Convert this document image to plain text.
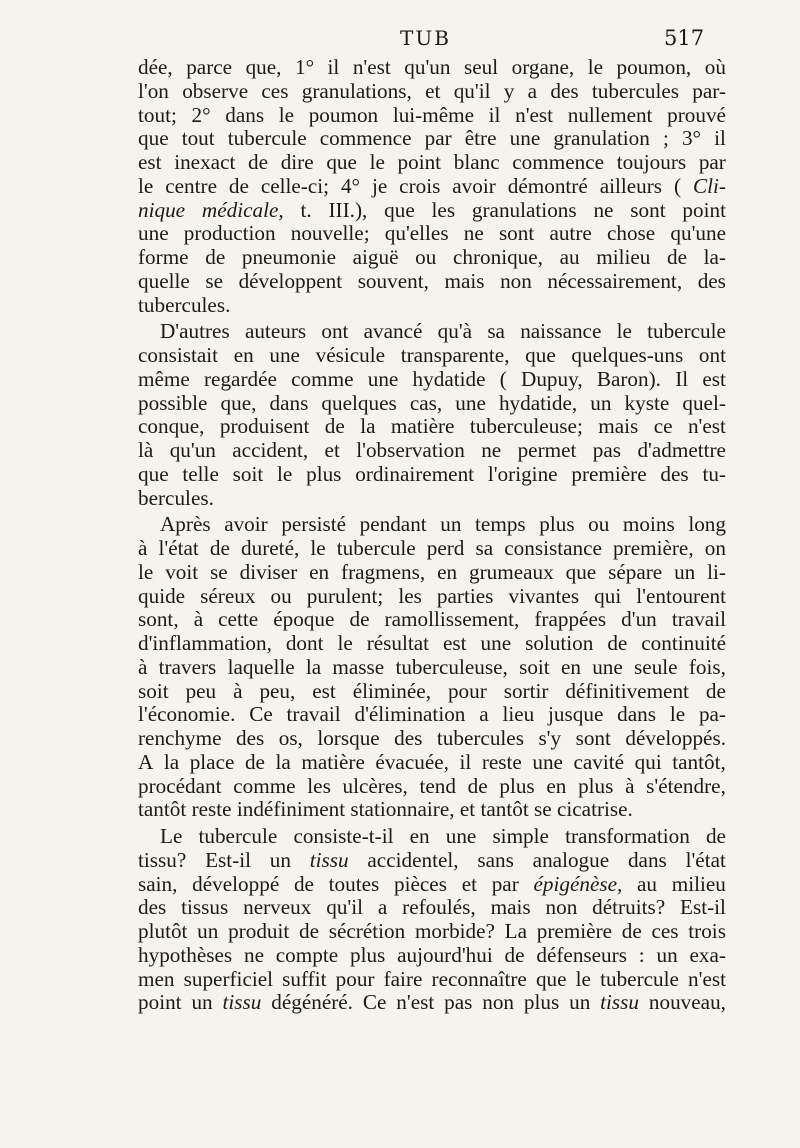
TUB	517
dée, parce que, 1° il n'est qu'un seul organe, le poumon, où
l'on observe ces granulations, et qu'il y a des tubercules par-
tout; 2° dans le poumon lui-même il n'est nullement prouvé
que tout tubercule commence par être une granulation ; 3° il
est inexact de dire que le point blanc commence toujours par
le centre de celle-ci; 4° je crois avoir démontré ailleurs ( Cli-
nique médicale, t. III.), que les granulations ne sont point
une production nouvelle; qu'elles ne sont autre chose qu'une
forme de pneumonie aiguë ou chronique, au milieu de la-
quelle se développent souvent, mais non nécessairement, des
tubercules.
D'autres auteurs ont avancé qu'à sa naissance le tubercule
consistait en une vésicule transparente, que quelques-uns ont
même regardée comme une hydatide ( Dupuy, Baron). Il est
possible que, dans quelques cas, une hydatide, un kyste quel-
conque, produisent de la matière tuberculeuse; mais ce n'est
là qu'un accident, et l'observation ne permet pas d'admettre
que telle soit le plus ordinairement l'origine première des tu-
bercules.
Après avoir persisté pendant un temps plus ou moins long
à l'état de dureté, le tubercule perd sa consistance première, on
le voit se diviser en fragmens, en grumeaux que sépare un li-
quide séreux ou purulent; les parties vivantes qui l'entourent
sont, à cette époque de ramollissement, frappées d'un travail
d'inflammation, dont le résultat est une solution de continuité
à travers laquelle la masse tuberculeuse, soit en une seule fois,
soit peu à peu, est éliminée, pour sortir définitivement de
l'économie. Ce travail d'élimination a lieu jusque dans le pa-
renchyme des os, lorsque des tubercules s'y sont développés.
A la place de la matière évacuée, il reste une cavité qui tantôt,
procédant comme les ulcères, tend de plus en plus à s'étendre,
tantôt reste indéfiniment stationnaire, et tantôt se cicatrise.
Le tubercule consiste-t-il en une simple transformation de
tissu? Est-il un tissu accidentel, sans analogue dans l'état
sain, développé de toutes pièces et par épigénèse, au milieu
des tissus nerveux qu'il a refoulés, mais non détruits? Est-il
plutôt un produit de sécrétion morbide? La première de ces trois
hypothèses ne compte plus aujourd'hui de défenseurs : un exa-
men superficiel suffit pour faire reconnaître que le tubercule n'est
point un tissu dégénéré. Ce n'est pas non plus un tissu nouveau,
